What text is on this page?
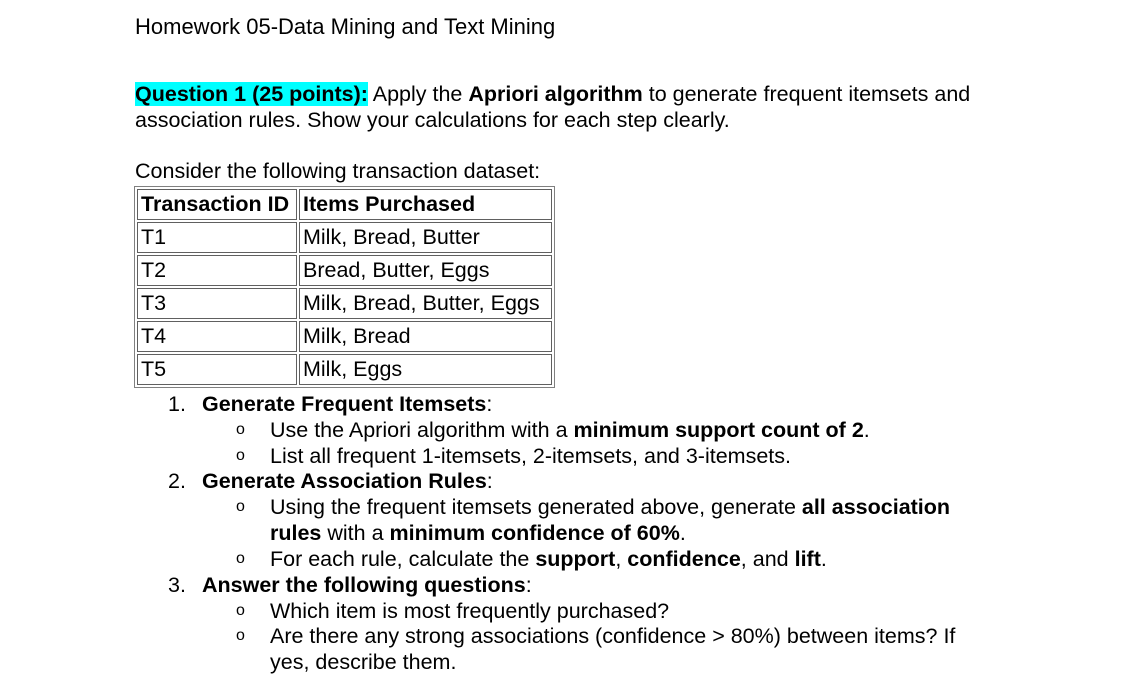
Homework 05-Data Mining and Text Mining
Question 1 (25 points): Apply the Apriori algorithm to generate frequent itemsets and
association rules. Show your calculations for each step clearly.
Consider the following transaction dataset:
Transaction ID	Items Purchased
T1	Milk, Bread, Butter
T2	Bread, Butter, Eggs
T3	Milk, Bread, Butter, Eggs
T4	Milk, Bread
T5	Milk, Eggs
1. Generate Frequent Itemsets:
o Use the Apriori algorithm with a minimum support count of 2.
o List all frequent 1-itemsets, 2-itemsets, and 3-itemsets.
2. Generate Association Rules:
o Using the frequent itemsets generated above, generate all association
rules with a minimum confidence of 60%.
o For each rule, calculate the support, confidence, and lift.
3. Answer the following questions:
o Which item is most frequently purchased?
o Are there any strong associations (confidence > 80%) between items? If
yes, describe them.
